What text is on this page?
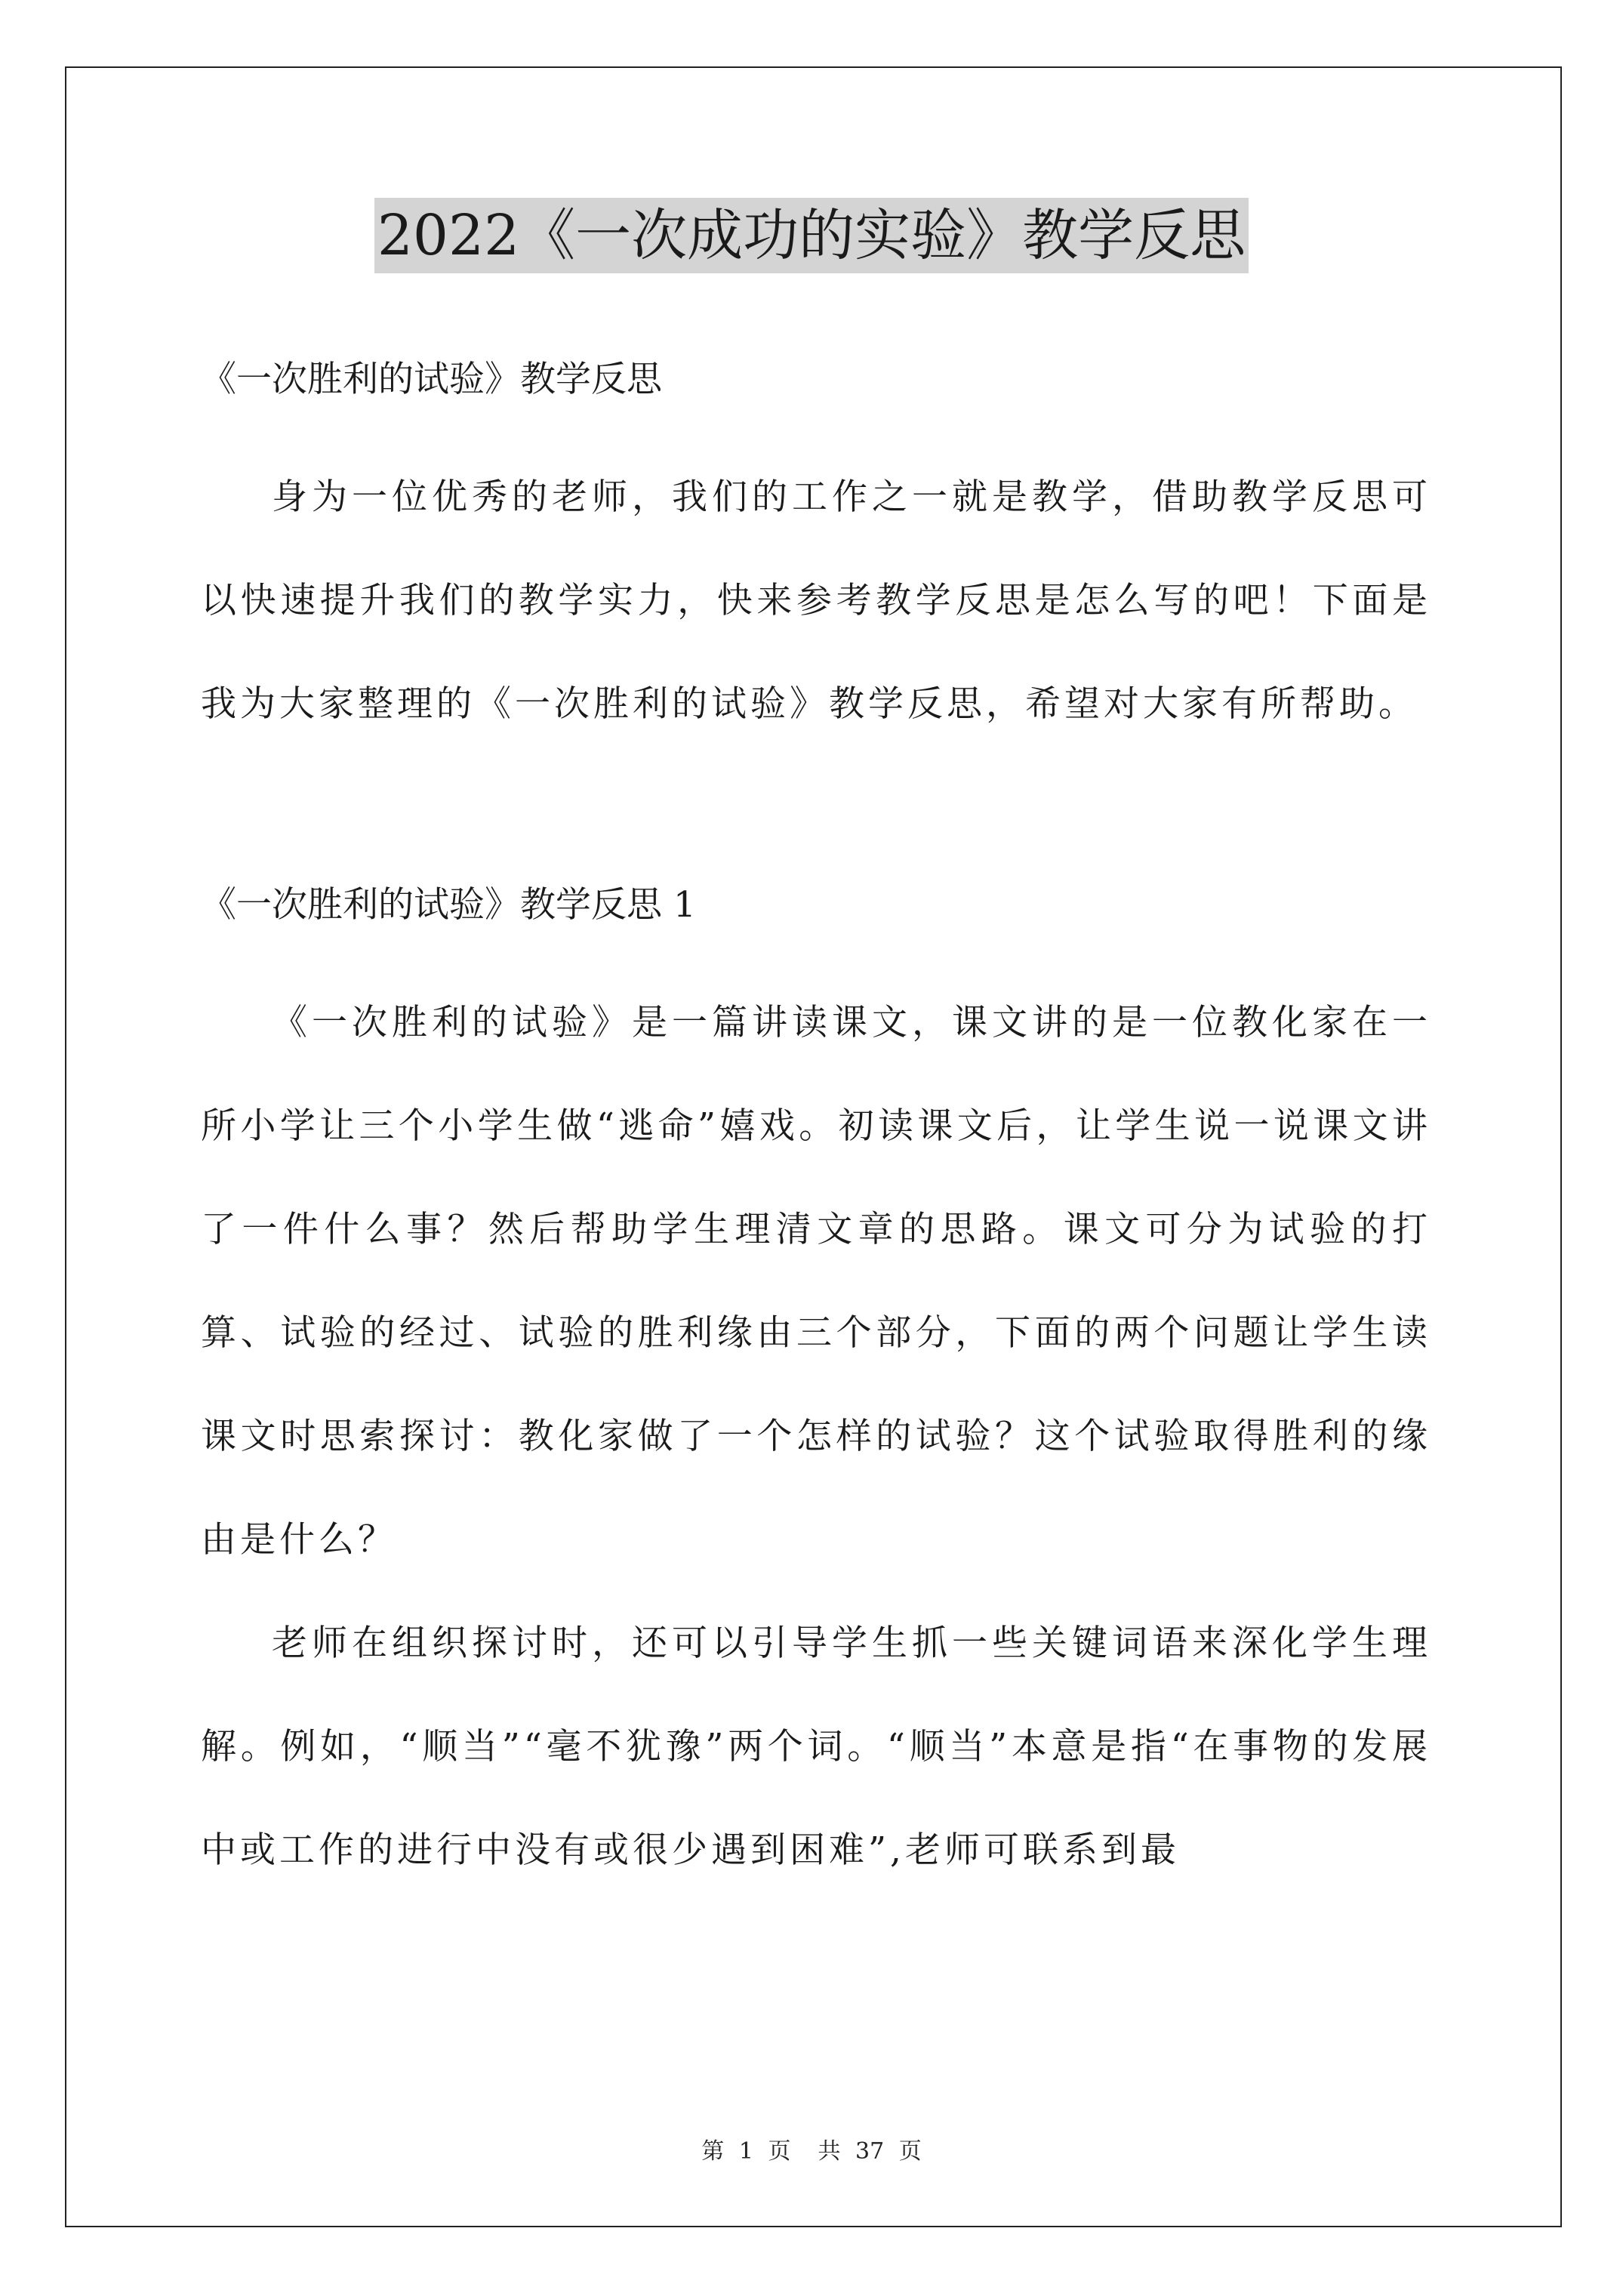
2022《一次成功的实验》教学反思

《一次胜利的试验》教学反思

身为一位优秀的老师，我们的工作之一就是教学，借助教学反思可以快速提升我们的教学实力，快来参考教学反思是怎么写的吧！下面是我为大家整理的《一次胜利的试验》教学反思，希望对大家有所帮助。

《一次胜利的试验》教学反思 1

《一次胜利的试验》是一篇讲读课文，课文讲的是一位教化家在一所小学让三个小学生做“逃命”嬉戏。初读课文后，让学生说一说课文讲了一件什么事？然后帮助学生理清文章的思路。课文可分为试验的打算、试验的经过、试验的胜利缘由三个部分，下面的两个问题让学生读课文时思索探讨：教化家做了一个怎样的试验？这个试验取得胜利的缘由是什么？

老师在组织探讨时，还可以引导学生抓一些关键词语来深化学生理解。例如，“顺当”“毫不犹豫”两个词。“顺当”本意是指“在事物的发展中或工作的进行中没有或很少遇到困难”,老师可联系到最

第 1 页 共 37 页
